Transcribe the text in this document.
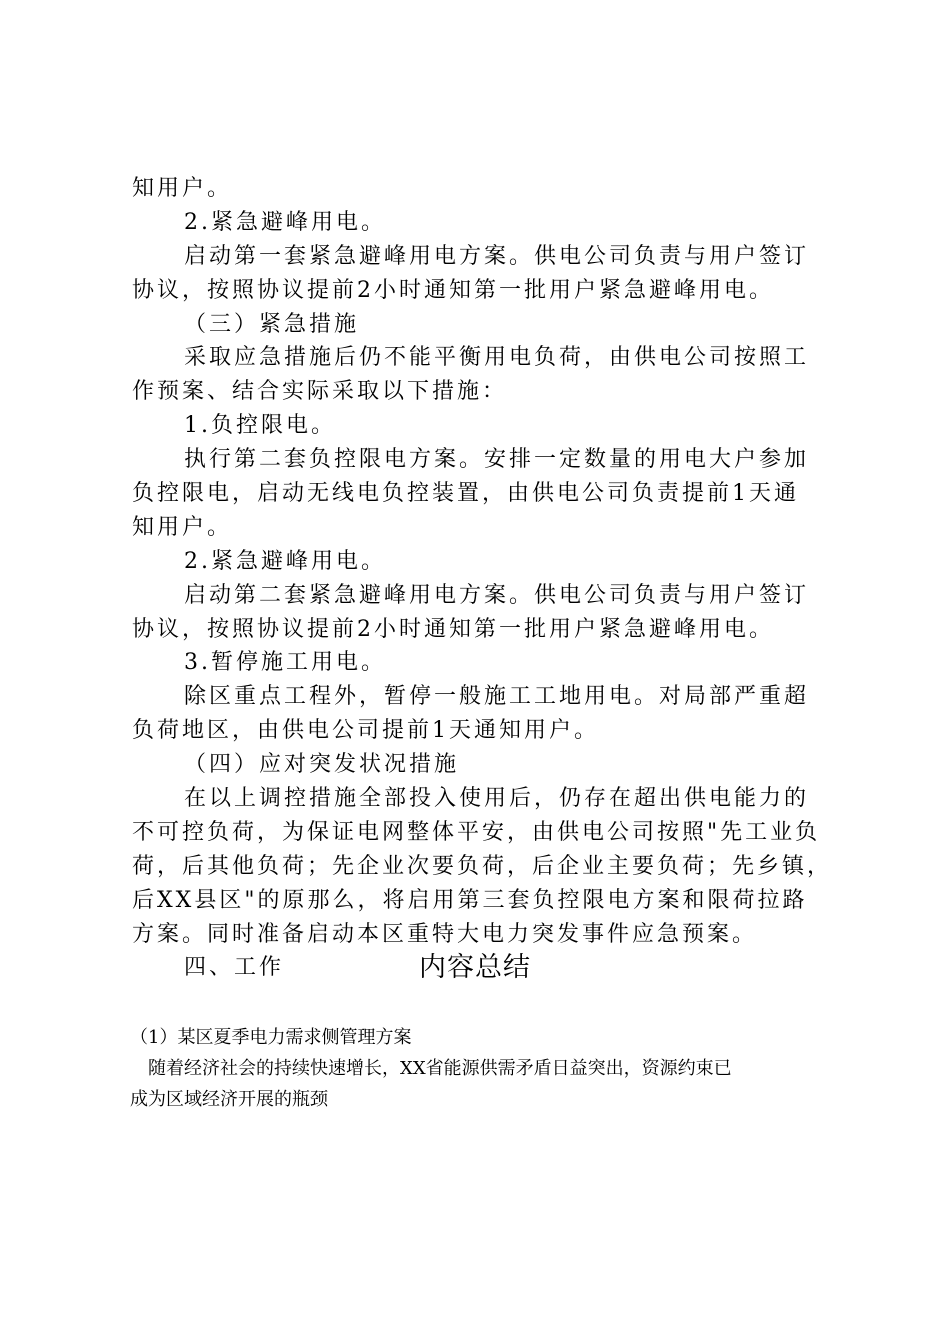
知用户。
2.紧急避峰用电。
启动第一套紧急避峰用电方案。供电公司负责与用户签订
协议，按照协议提前2小时通知第一批用户紧急避峰用电。
（三）紧急措施
采取应急措施后仍不能平衡用电负荷，由供电公司按照工
作预案、结合实际采取以下措施：
1.负控限电。
执行第二套负控限电方案。安排一定数量的用电大户参加
负控限电，启动无线电负控装置，由供电公司负责提前1天通
知用户。
2.紧急避峰用电。
启动第二套紧急避峰用电方案。供电公司负责与用户签订
协议，按照协议提前2小时通知第一批用户紧急避峰用电。
3.暂停施工用电。
除区重点工程外，暂停一般施工工地用电。对局部严重超
负荷地区，由供电公司提前1天通知用户。
（四）应对突发状况措施
在以上调控措施全部投入使用后，仍存在超出供电能力的
不可控负荷，为保证电网整体平安，由供电公司按照"先工业负
荷，后其他负荷；先企业次要负荷，后企业主要负荷；先乡镇，
后XX县区"的原那么，将启用第三套负控限电方案和限荷拉路
方案。同时准备启动本区重特大电力突发事件应急预案。
四、工作	内容总结
（1）某区夏季电力需求侧管理方案
随着经济社会的持续快速增长，XX省能源供需矛盾日益突出，资源约束已
成为区域经济开展的瓶颈
